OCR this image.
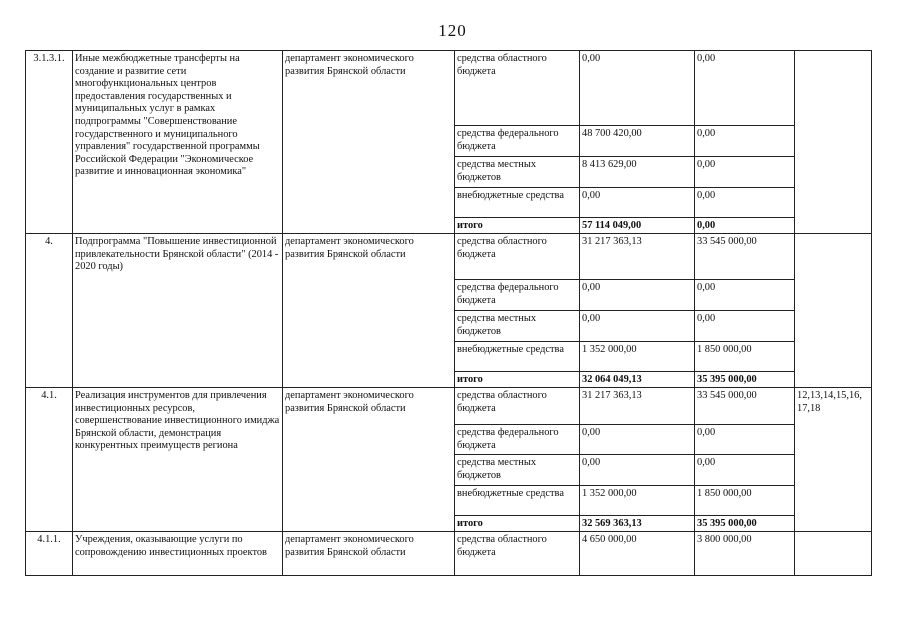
120
3.1.3.1.	Иные межбюджетные трансферты на создание и развитие сети многофункциональных центров предоставления государственных и муниципальных услуг в рамках подпрограммы "Совершенствование государственного и муниципального управления" государственной программы Российской Федерации "Экономическое развитие и инновационная экономика"	департамент экономического развития Брянской области	средства областного бюджета	0,00	0,00	
			средства федерального бюджета	48 700 420,00	0,00	
			средства местных бюджетов	8 413 629,00	0,00	
			внебюджетные средства	0,00	0,00	
			итого	57 114 049,00	0,00	
4.	Подпрограмма "Повышение инвестиционной привлекательности Брянской области" (2014 - 2020 годы)	департамент экономического развития Брянской области	средства областного бюджета	31 217 363,13	33 545 000,00	
			средства федерального бюджета	0,00	0,00	
			средства местных бюджетов	0,00	0,00	
			внебюджетные средства	1 352 000,00	1 850 000,00	
			итого	32 064 049,13	35 395 000,00	
4.1.	Реализация инструментов для привлечения инвестиционных ресурсов, совершенствование инвестиционного имиджа Брянской области, демонстрация конкурентных преимуществ региона	департамент экономического развития Брянской области	средства областного бюджета	31 217 363,13	33 545 000,00	12,13,14,15,16, 17,18
			средства федерального бюджета	0,00	0,00	
			средства местных бюджетов	0,00	0,00	
			внебюджетные средства	1 352 000,00	1 850 000,00	
			итого	32 569 363,13	35 395 000,00	
4.1.1.	Учреждения, оказывающие услуги по сопровождению инвестиционных проектов	департамент экономического развития Брянской области	средства областного бюджета	4 650 000,00	3 800 000,00	
